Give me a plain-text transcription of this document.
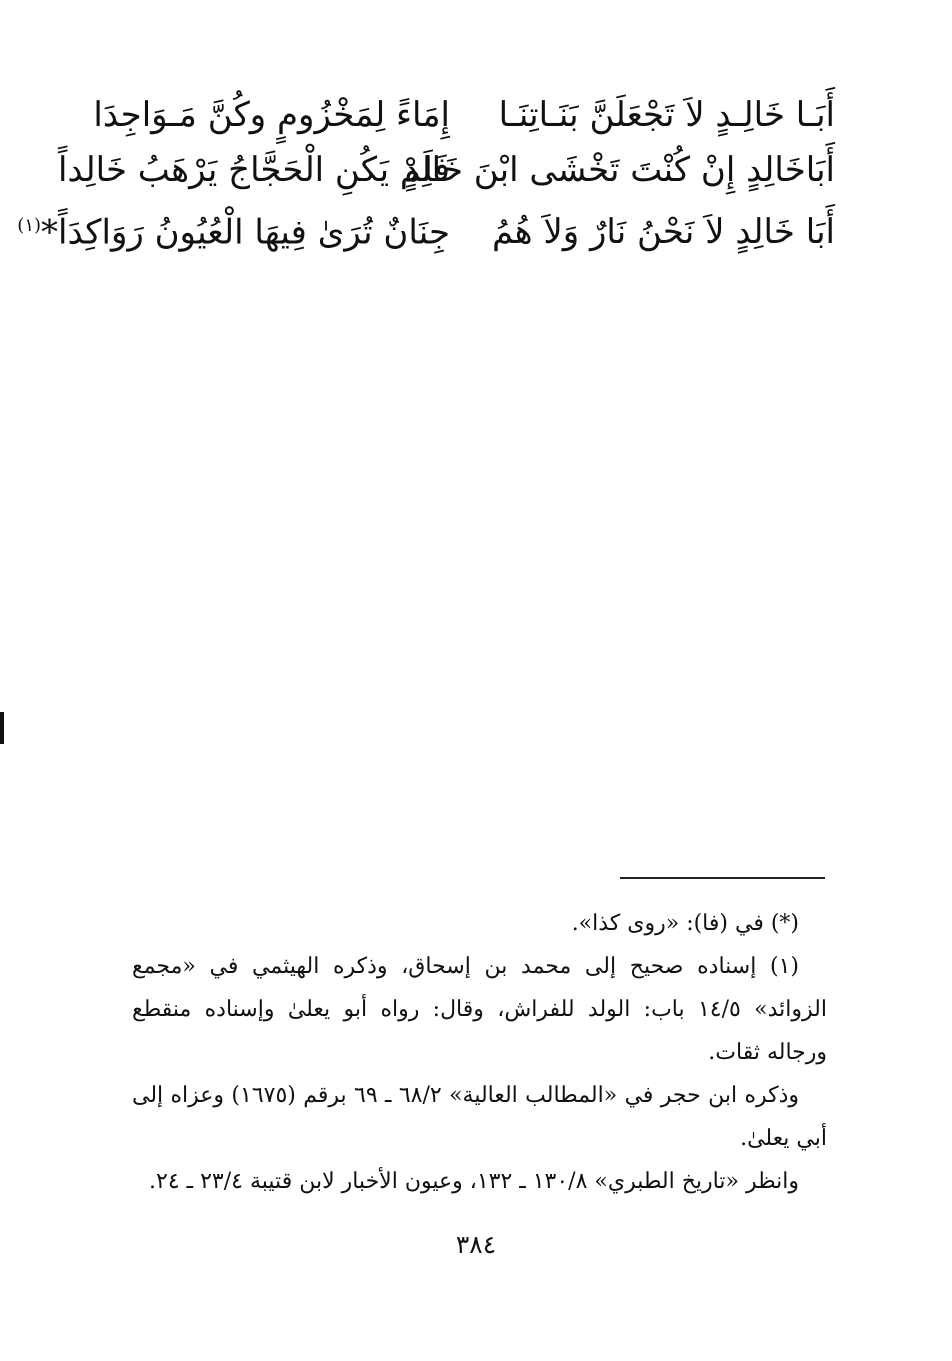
أَبَـا خَالِـدٍ لاَ تَجْعَلَنَّ بَنَـاتِنَـا
إِمَاءً لِمَخْزُومٍ وكُنَّ مَـوَاجِدَا
أَبَاخَالِدٍ إِنْ كُنْتَ تَخْشَى ابْنَ خَالِدٍ
فَلَمْ يَكُنِ الْحَجَّاجُ يَرْهَبُ خَالِداً
أَبَا خَالِدٍ لاَ نَحْنُ نَارٌ وَلاَ هُمُ
جِنَانٌ تُرَىٰ فِيهَا الْعُيُونُ رَوَاكِدَاً*$^{(١)}$

(*) في (فا): «روى كذا».

(١) إسناده صحيح إلى محمد بن إسحاق، وذكره الهيثمي في «مجمع الزوائد» ١٤/٥ باب: الولد للفراش، وقال: رواه أبو يعلىٰ وإسناده منقطع ورجاله ثقات.

وذكره ابن حجر في «المطالب العالية» ٦٨/٢ ـ ٦٩ برقم (١٦٧٥) وعزاه إلى أبي يعلىٰ.

وانظر «تاريخ الطبري» ١٣٠/٨ ـ ١٣٢، وعيون الأخبار لابن قتيبة ٢٣/٤ ـ ٢٤.

٣٨٤
